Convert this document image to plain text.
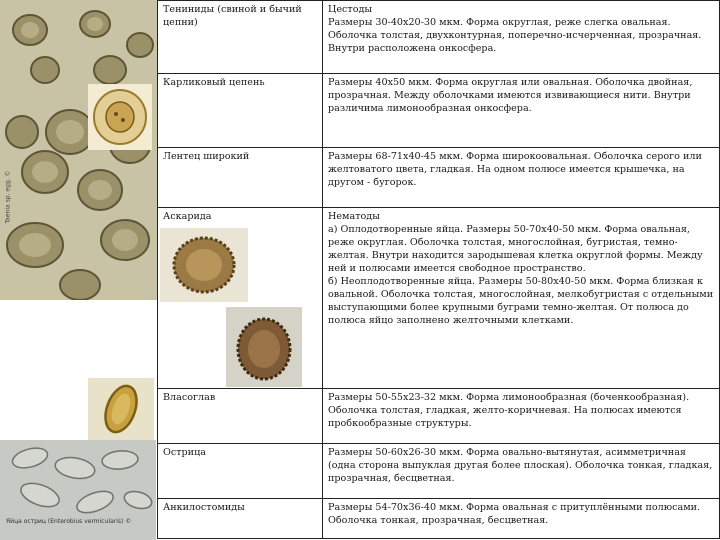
Taenia sp. egg. ©
Яйца остриц (Enterobius vermicularis) ©
Тениниды (свиной и бычий цепни)	Цестоды
Размеры 30-40х20-30 мкм. Форма округлая, реже слегка овальная. Оболочка толстая, двухконтурная, поперечно-исчерченная, прозрачная. Внутри расположена онкосфера.
Карликовый цепень	Размеры 40х50 мкм. Форма округлая или овальная. Оболочка двойная, прозрачная. Между оболочками имеются извивающиеся нити. Внутри различима лимонообразная онкосфера.
Лентец широкий	Размеры 68-71х40-45 мкм. Форма широкоовальная. Оболочка серого или желтоватого цвета, гладкая. На одном полюсе имеется крышечка, на другом - бугорок.
Аскарида	Нематоды
а) Оплодотворенные яйца. Размеры 50-70х40-50 мкм. Форма овальная, реже округлая. Оболочка толстая, многослойная, бугристая, темно-желтая. Внутри находится зародышевая клетка округлой формы. Между ней и полюсами имеется свободное пространство.
б) Неоплодотворенные яйца. Размеры 50-80х40-50 мкм. Форма близкая к овальной. Оболочка толстая, многослойная, мелкобугристая с отдельными выступающими более крупными буграми темно-желтая. От полюса до полюса яйцо заполнено желточными клетками.
Власоглав	Размеры 50-55х23-32 мкм. Форма лимонообразная (боченкообразная). Оболочка толстая, гладкая, желто-коричневая. На полюсах имеются пробкообразные структуры.
Острица	Размеры 50-60х26-30 мкм. Форма овально-вытянутая, асимметричная (одна сторона выпуклая другая более плоская). Оболочка тонкая, гладкая, прозрачная, бесцветная.
Анкилостомиды	Размеры 54-70х36-40 мкм. Форма овальная с притуплёнными полюсами. Оболочка тонкая, прозрачная, бесцветная.
